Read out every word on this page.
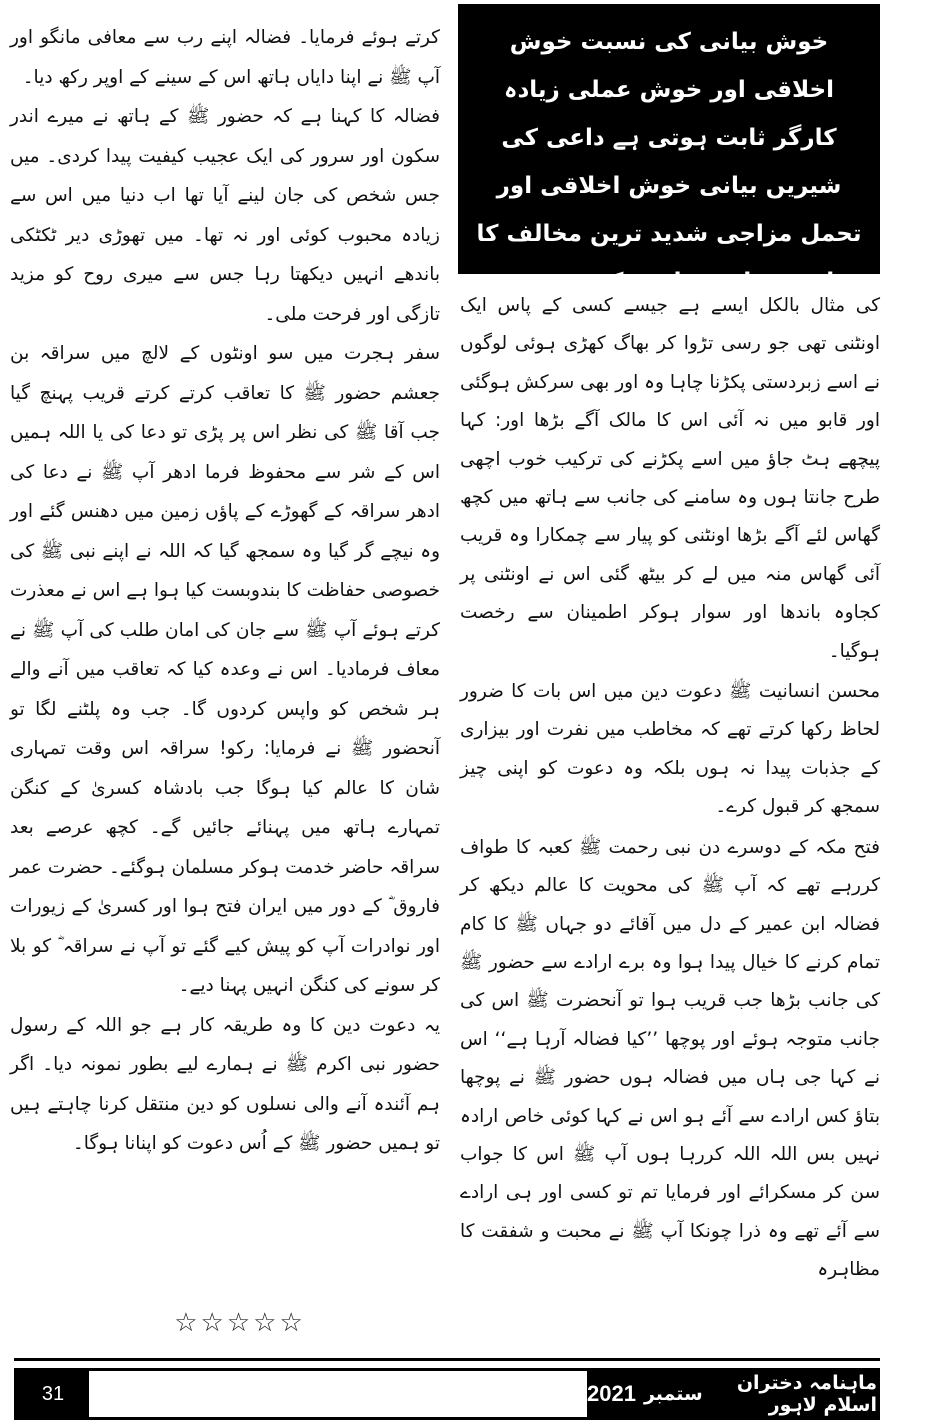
خوش بیانی کی نسبت خوش اخلاقی اور خوش عملی زیادہ کارگر ثابت ہوتی ہے داعی کی شیریں بیانی خوش اخلاقی اور تحمل مزاجی شدید ترین مخالف کا دل بھی اپنی طرف کھینچتی ہے

کی مثال بالکل ایسے ہے جیسے کسی کے پاس ایک اونٹنی تھی جو رسی تڑوا کر بھاگ کھڑی ہوئی لوگوں نے اسے زبردستی پکڑنا چاہا وہ اور بھی سرکش ہوگئی اور قابو میں نہ آئی اس کا مالک آگے بڑھا اور: کہا پیچھے ہٹ جاؤ میں اسے پکڑنے کی ترکیب خوب اچھی طرح جانتا ہوں وہ سامنے کی جانب سے ہاتھ میں کچھ گھاس لئے آگے بڑھا اونٹنی کو پیار سے چمکارا وہ قریب آئی گھاس منہ میں لے کر بیٹھ گئی اس نے اونٹنی پر کجاوہ باندھا اور سوار ہوکر اطمینان سے رخصت ہوگیا۔

محسن انسانیت ﷺ دعوت دین میں اس بات کا ضرور لحاظ رکھا کرتے تھے کہ مخاطب میں نفرت اور بیزاری کے جذبات پیدا نہ ہوں بلکہ وہ دعوت کو اپنی چیز سمجھ کر قبول کرے۔

فتح مکہ کے دوسرے دن نبی رحمت ﷺ کعبہ کا طواف کررہے تھے کہ آپ ﷺ کی محویت کا عالم دیکھ کر فضالہ ابن عمیر کے دل میں آقائے دو جہاں ﷺ کا کام تمام کرنے کا خیال پیدا ہوا وہ برے ارادے سے حضور ﷺ کی جانب بڑھا جب قریب ہوا تو آنحضرت ﷺ اس کی جانب متوجہ ہوئے اور پوچھا ’’کیا فضالہ آرہا ہے‘‘ اس نے کہا جی ہاں میں فضالہ ہوں حضور ﷺ نے پوچھا بتاؤ کس ارادے سے آئے ہو اس نے کہا کوئی خاص ارادہ نہیں بس اللہ اللہ کررہا ہوں آپ ﷺ اس کا جواب سن کر مسکرائے اور فرمایا تم تو کسی اور ہی ارادے سے آئے تھے وہ ذرا چونکا آپ ﷺ نے محبت و شفقت کا مظاہرہ

کرتے ہوئے فرمایا۔ فضالہ اپنے رب سے معافی مانگو اور آپ ﷺ نے اپنا دایاں ہاتھ اس کے سینے کے اوپر رکھ دیا۔

فضالہ کا کہنا ہے کہ حضور ﷺ کے ہاتھ نے میرے اندر سکون اور سرور کی ایک عجیب کیفیت پیدا کردی۔ میں جس شخص کی جان لینے آیا تھا اب دنیا میں اس سے زیادہ محبوب کوئی اور نہ تھا۔ میں تھوڑی دیر ٹکٹکی باندھے انہیں دیکھتا رہا جس سے میری روح کو مزید تازگی اور فرحت ملی۔

سفر ہجرت میں سو اونٹوں کے لالچ میں سراقہ بن جعشم حضور ﷺ کا تعاقب کرتے کرتے قریب پہنچ گیا جب آقا ﷺ کی نظر اس پر پڑی تو دعا کی یا اللہ ہمیں اس کے شر سے محفوظ فرما ادھر آپ ﷺ نے دعا کی ادھر سراقہ کے گھوڑے کے پاؤں زمین میں دھنس گئے اور وہ نیچے گر گیا وہ سمجھ گیا کہ اللہ نے اپنے نبی ﷺ کی خصوصی حفاظت کا بندوبست کیا ہوا ہے اس نے معذرت کرتے ہوئے آپ ﷺ سے جان کی امان طلب کی آپ ﷺ نے معاف فرمادیا۔ اس نے وعدہ کیا کہ تعاقب میں آنے والے ہر شخص کو واپس کردوں گا۔ جب وہ پلٹنے لگا تو آنحضور ﷺ نے فرمایا: رکو! سراقہ اس وقت تمہاری شان کا عالم کیا ہوگا جب بادشاہ کسریٰ کے کنگن تمہارے ہاتھ میں پہنائے جائیں گے۔ کچھ عرصے بعد سراقہ حاضر خدمت ہوکر مسلمان ہوگئے۔ حضرت عمر فاروق ؓ کے دور میں ایران فتح ہوا اور کسریٰ کے زیورات اور نوادرات آپ کو پیش کیے گئے تو آپ نے سراقہ ؓ کو بلا کر سونے کی کنگن انہیں پہنا دیے۔

یہ دعوت دین کا وہ طریقہ کار ہے جو اللہ کے رسول حضور نبی اکرم ﷺ نے ہمارے لیے بطور نمونہ دیا۔ اگر ہم آئندہ آنے والی نسلوں کو دین منتقل کرنا چاہتے ہیں تو ہمیں حضور ﷺ کے اُس دعوت کو اپنانا ہوگا۔

☆☆☆☆☆
31	ماہنامہ دختران اسلام لاہور
ستمبر
2021
